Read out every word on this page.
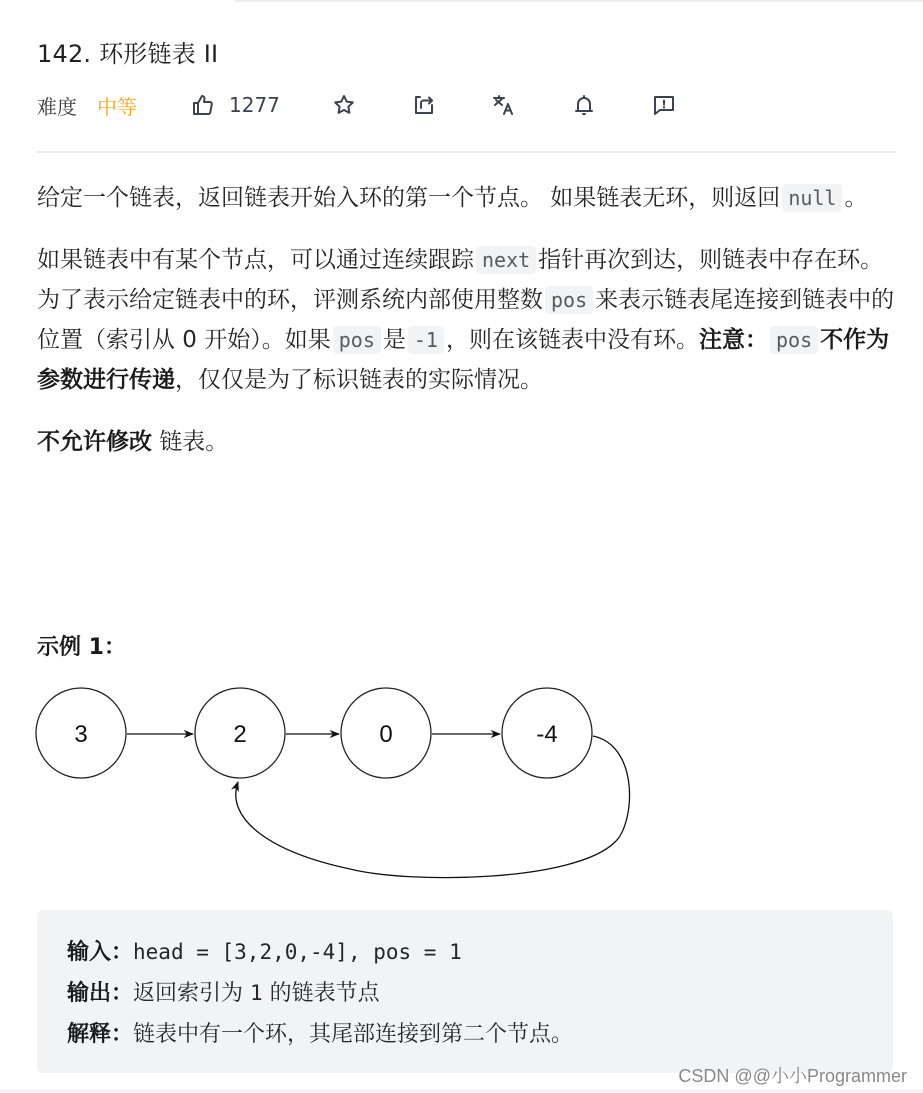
142. 环形链表 II
难度 中等	1277

给定一个链表，返回链表开始入环的第一个节点。 如果链表无环，则返回 null 。

如果链表中有某个节点，可以通过连续跟踪 next 指针再次到达，则链表中存在环。 为了表示给定链表中的环，评测系统内部使用整数 pos 来表示链表尾连接到链表中的位置（索引从 0 开始）。如果 pos 是 -1 ，则在该链表中没有环。注意： pos 不作为参数进行传递，仅仅是为了标识链表的实际情况。

不允许修改 链表。

示例 1：
3	2	0	-4
输入：head = [3,2,0,-4], pos = 1
输出：返回索引为 1 的链表节点
解释：链表中有一个环，其尾部连接到第二个节点。
CSDN @@小小Programmer
